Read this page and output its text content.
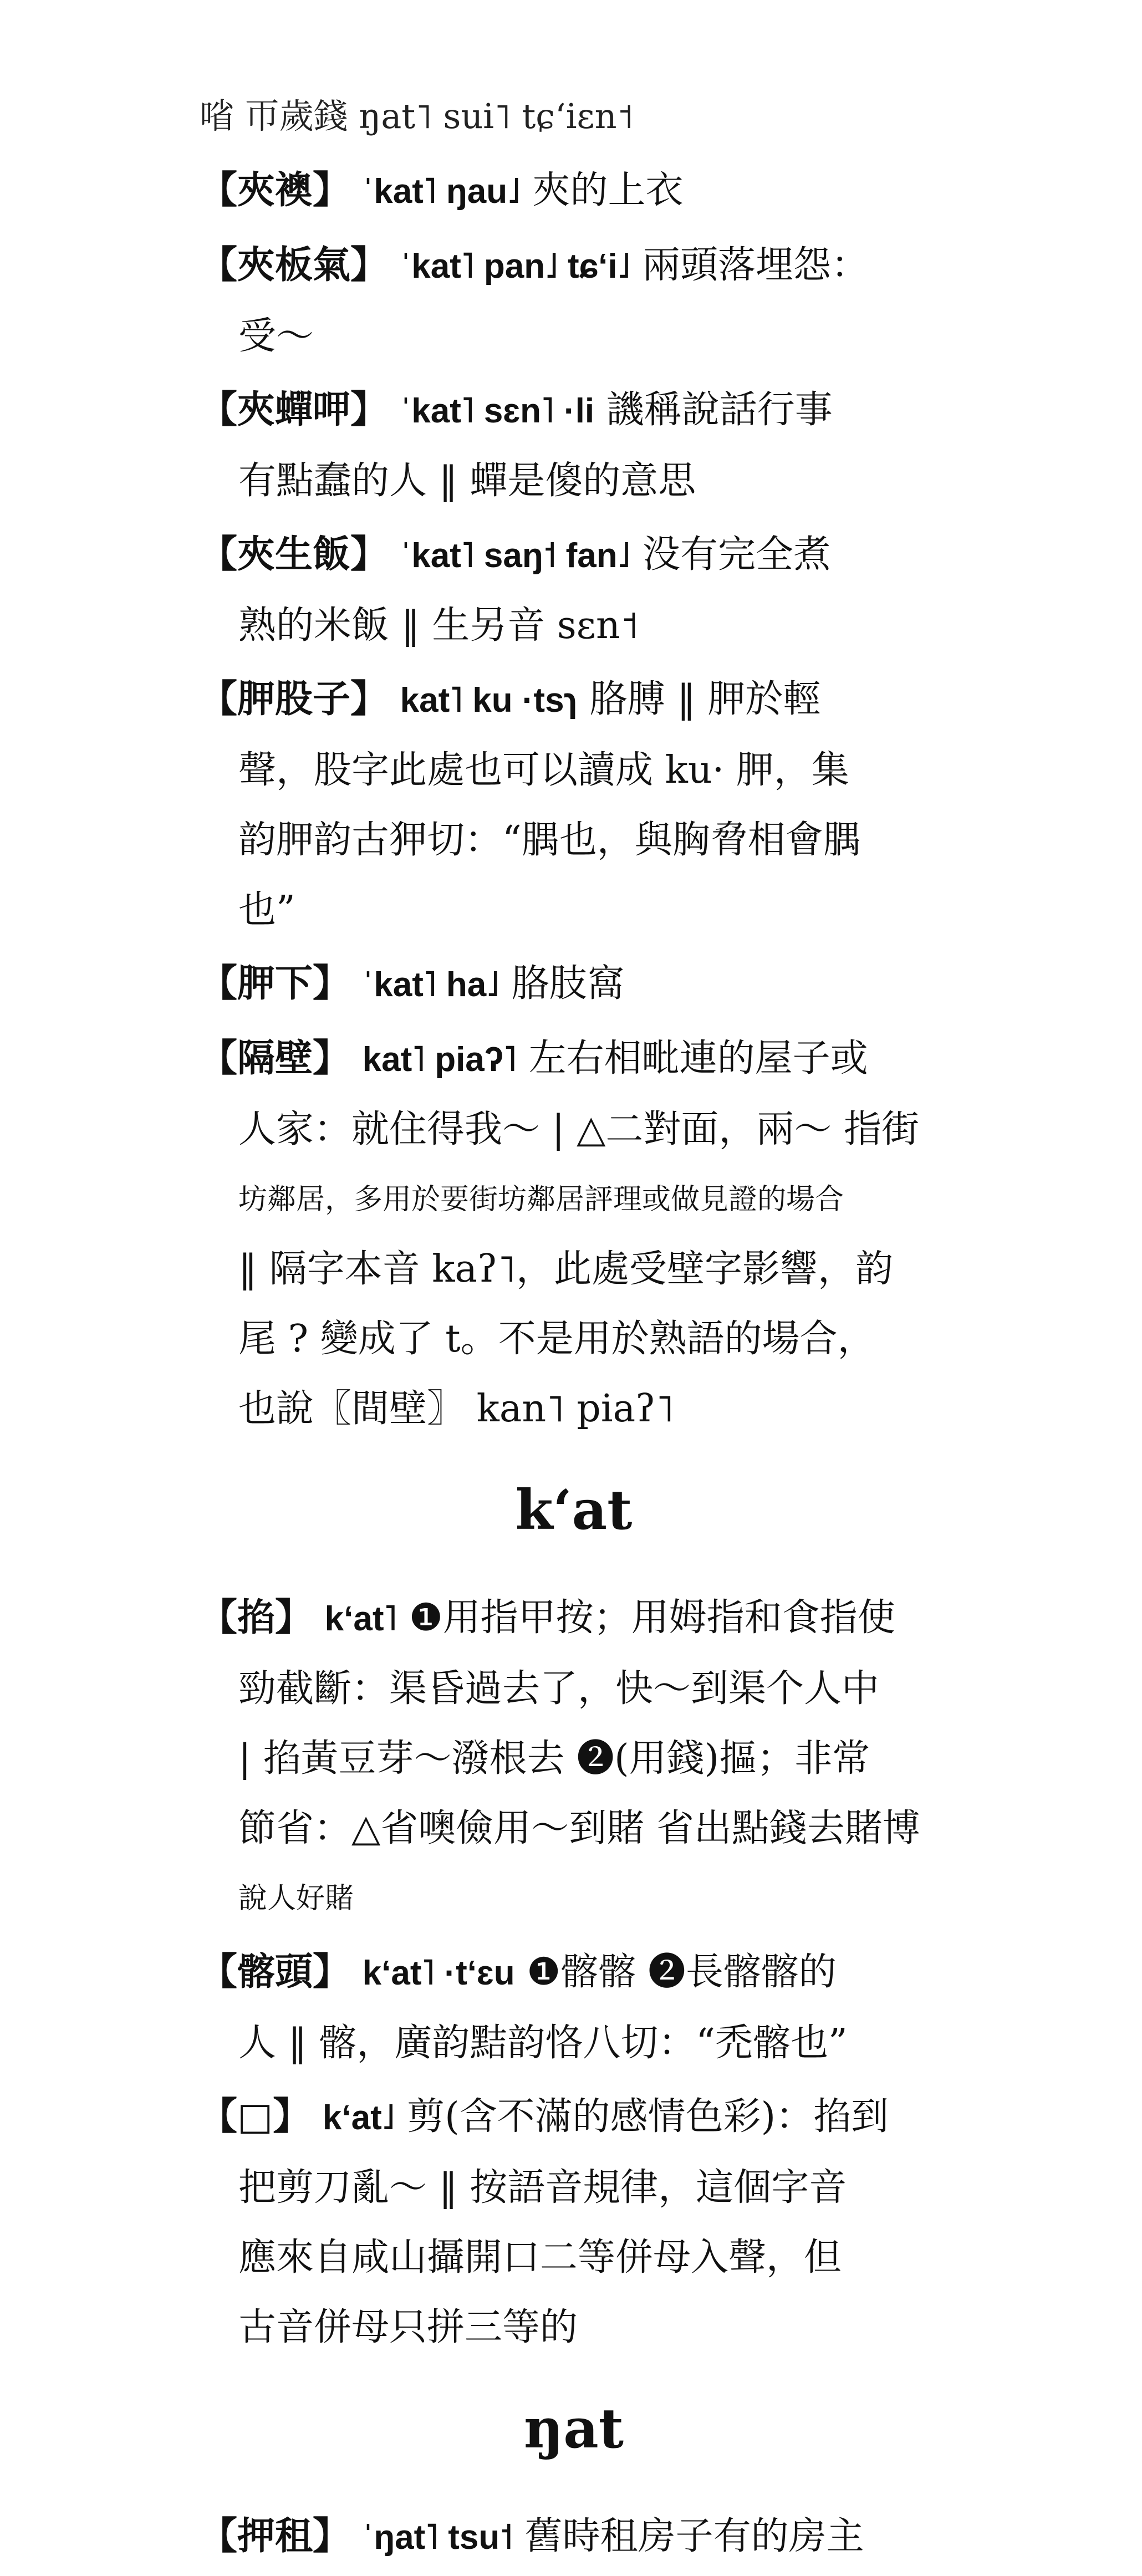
㗂 帀歲錢 ŋat˥ sui˥ tɕʻiɛn˦
【夾襖】 ˈkat˥ ŋau˩ 夾的上衣
【夾板氣】 ˈkat˥ pan˩ tɕʻi˩ 兩頭落埋怨：
受～
【夾蟬呷】 ˈkat˥ sɛn˥ ·li 譏稱說話行事
有點蠢的人 ‖ 蟬是傻的意思
【夾生飯】 ˈkat˥ saŋ˦ fan˩ 没有完全煮
熟的米飯 ‖ 生另音 sɛn˦
【胛股子】 kat˥ ku ·tsɿ 胳膊 ‖ 胛於輕
聲，股字此處也可以讀成 ku· 胛，集
韵胛韵古狎切：“腢也，與胸脅相會腢
也”
【胛下】 ˈkat˥ ha˩ 胳肢窩
【隔壁】 kat˥ piaʔ˥ 左右相毗連的屋子或
人家：就住得我～ | △二對面，兩～ 指街
坊鄰居，多用於要街坊鄰居評理或做見證的場合
‖ 隔字本音 kaʔ˥，此處受壁字影響，韵
尾 ? 變成了 t。不是用於熟語的場合，
也說〖間壁〗 kan˥ piaʔ˥
kʻat
【掐】 kʻat˥ ❶用指甲按；用姆指和食指使
勁截斷：渠昏過去了，快～到渠个人中
| 掐黃豆芽～潑根去 ❷(用錢)摳；非常
節省：△省噢儉用～到賭 省出點錢去賭博
說人好賭
【髂頭】 kʻat˥ ·tʻɛu ❶髂髂 ❷長髂髂的
人 ‖ 髂，廣韵黠韵恪八切：“禿髂也”
【□】 kʻat˩ 剪(含不滿的感情色彩)：掐到
把剪刀亂～ ‖ 按語音規律，這個字音
應來自咸山攝開口二等併母入聲，但
古音併母只拼三等的
ŋat
【押租】 ˈŋat˥ tsu˦ 舊時租房子有的房主
